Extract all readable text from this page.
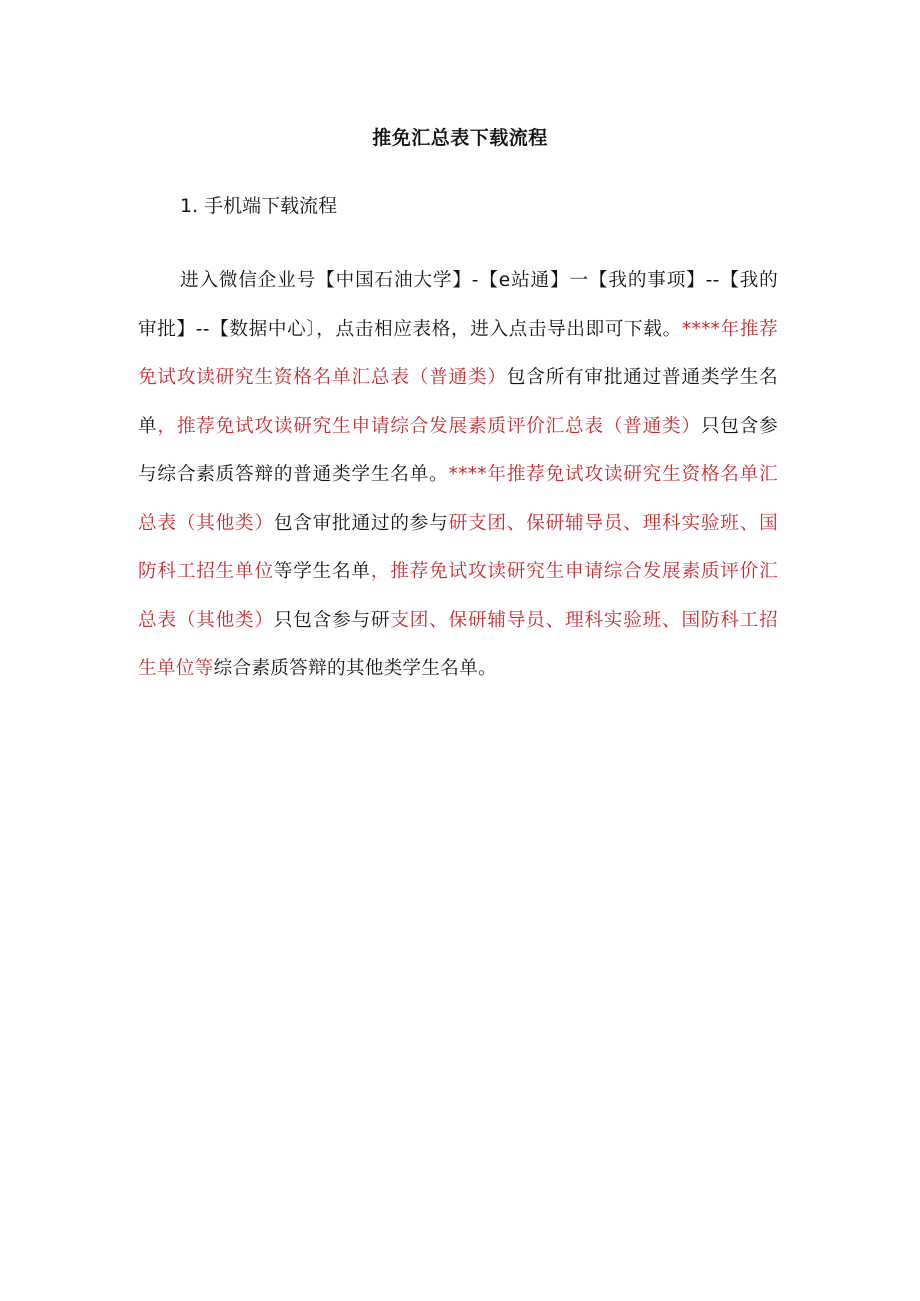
推免汇总表下载流程
1. 手机端下载流程
进入微信企业号【中国石油大学】-【e站通】一【我的事项】--【我的审批】--【数据中心〕，点击相应表格，进入点击导出即可下载。****年推荐免试攻读研究生资格名单汇总表（普通类）包含所有审批通过普通类学生名单，推荐免试攻读研究生申请综合发展素质评价汇总表（普通类）只包含参与综合素质答辩的普通类学生名单。****年推荐免试攻读研究生资格名单汇总表（其他类）包含审批通过的参与研支团、保研辅导员、理科实验班、国防科工招生单位等学生名单，推荐免试攻读研究生申请综合发展素质评价汇总表（其他类）只包含参与研支团、保研辅导员、理科实验班、国防科工招生单位等综合素质答辩的其他类学生名单。
